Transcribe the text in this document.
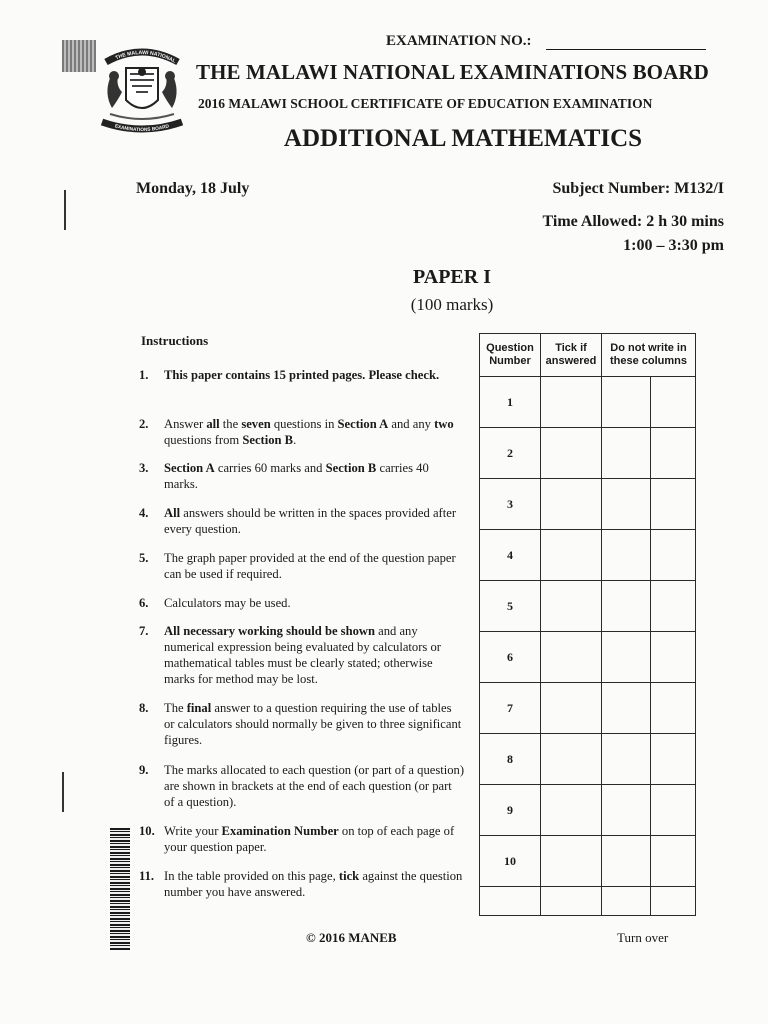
EXAMINATION NO.:
THE MALAWI NATIONAL
EXAMINATIONS BOARD
THE MALAWI NATIONAL EXAMINATIONS BOARD
2016 MALAWI SCHOOL CERTIFICATE OF EDUCATION EXAMINATION
ADDITIONAL MATHEMATICS
Monday, 18 July	Subject Number: M132/I
Time Allowed: 2 h 30 mins
1:00 – 3:30 pm
PAPER I
(100 marks)
Instructions
1.	This paper contains 15 printed pages. Please check.
2.	Answer all the seven questions in Section A and any two questions from Section B.
3.	Section A carries 60 marks and Section B carries 40 marks.
4.	All answers should be written in the spaces provided after every question.
5.	The graph paper provided at the end of the question paper can be used if required.
6.	Calculators may be used.
7.	All necessary working should be shown and any numerical expression being evaluated by calculators or mathematical tables must be clearly stated; otherwise marks for method may be lost.
8.	The final answer to a question requiring the use of tables or calculators should normally be given to three significant figures.
9.	The marks allocated to each question (or part of a question) are shown in brackets at the end of each question (or part of a question).
10. Write your Examination Number on top of each page of your question paper.
11. In the table provided on this page, tick against the question number you have answered.
Question Number	Tick if answered	Do not write in these columns	
1			
2			
3			
4			
5			
6			
7			
8			
9			
10			

© 2016 MANEB	Turn over
